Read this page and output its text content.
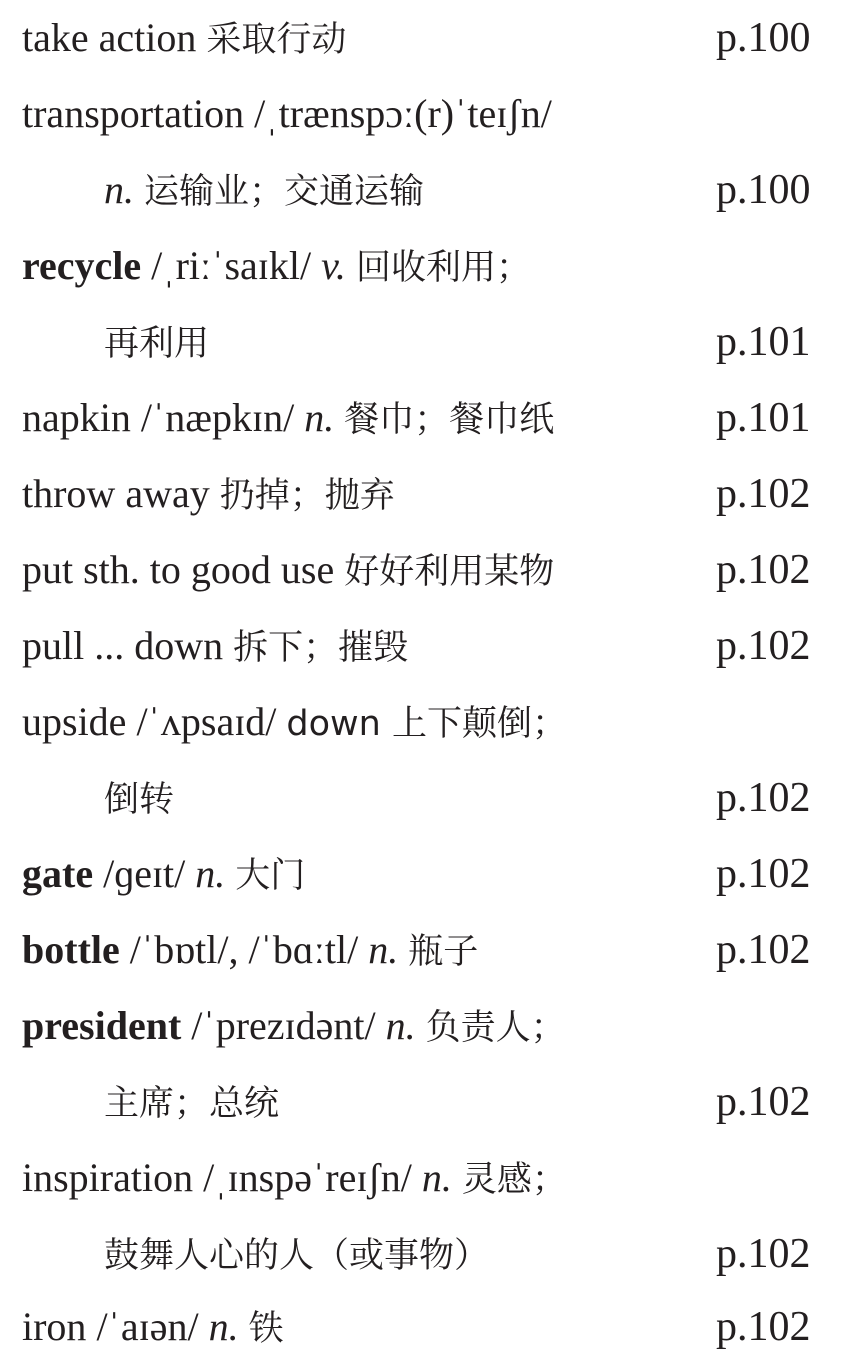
take action 采取行动	p.100
transportation /ˌtrænspɔː(r)ˈteɪʃn/
n. 运输业；交通运输	p.100
recycle /ˌriːˈsaɪkl/ v. 回收利用；
再利用	p.101
napkin /ˈnæpkɪn/ n. 餐巾；餐巾纸	p.101
throw away 扔掉；抛弃	p.102
put sth. to good use 好好利用某物	p.102
pull ... down 拆下；摧毁	p.102
upside /ˈʌpsaɪd/ down 上下颠倒；
倒转	p.102
gate /ɡeɪt/ n. 大门	p.102
bottle /ˈbɒtl/, /ˈbɑːtl/ n. 瓶子	p.102
president /ˈprezɪdənt/ n. 负责人；
主席；总统	p.102
inspiration /ˌɪnspəˈreɪʃn/ n. 灵感；
鼓舞人心的人（或事物）	p.102
iron /ˈaɪən/ n. 铁	p.102
